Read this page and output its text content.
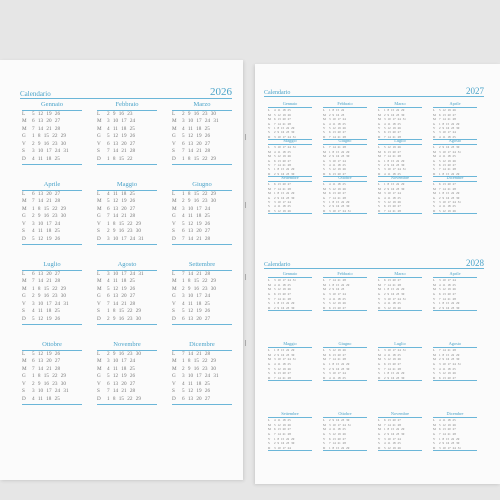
Calendario	2026	Calendario	2027
Calendario	2028
Gennaio
L 5 12 19 26
M 6 13 20 27
M 7 14 21 28
G 1 8 15 22 29
V 2 9 16 23 30
S 3 10 17 24 31
D 4 11 18 25
Febbraio
L 2 9 16 23
M 3 10 17 24
M 4 11 18 25
G 5 12 19 26
V 6 13 20 27
S 7 14 21 28
D 1 8 15 22
Marzo
L 2 9 16 23 30
M 3 10 17 24 31
M 4 11 18 25
G 5 12 19 26
V 6 13 20 27
S 7 14 21 28
D 1 8 15 22 29
Aprile
L 6 13 20 27
M 7 14 21 28
M 1 8 15 22 29
G 2 9 16 23 30
V 3 10 17 24
S 4 11 18 25
D 5 12 19 26
Maggio
L 4 11 18 25
M 5 12 19 26
M 6 13 20 27
G 7 14 21 28
V 1 8 15 22 29
S 2 9 16 23 30
D 3 10 17 24 31
Giugno
L 1 8 15 22 29
M 2 9 16 23 30
M 3 10 17 24
G 4 11 18 25
V 5 12 19 26
S 6 13 20 27
D 7 14 21 28
Luglio
L 6 13 20 27
M 7 14 21 28
M 1 8 15 22 29
G 2 9 16 23 30
V 3 10 17 24 31
S 4 11 18 25
D 5 12 19 26
Agosto
L 3 10 17 24 31
M 4 11 18 25
M 5 12 19 26
G 6 13 20 27
V 7 14 21 28
S 1 8 15 22 29
D 2 9 16 23 30
Settembre
L 7 14 21 28
M 1 8 15 22 29
M 2 9 16 23 30
G 3 10 17 24
V 4 11 18 25
S 5 12 19 26
D 6 13 20 27
Ottobre
L 5 12 19 26
M 6 13 20 27
M 7 14 21 28
G 1 8 15 22 29
V 2 9 16 23 30
S 3 10 17 24 31
D 4 11 18 25
Novembre
L 2 9 16 23 30
M 3 10 17 24
M 4 11 18 25
G 5 12 19 26
V 6 13 20 27
S 7 14 21 28
D 1 8 15 22 29
Dicembre
L 7 14 21 28
M 1 8 15 22 29
M 2 9 16 23 30
G 3 10 17 24 31
V 4 11 18 25
S 5 12 19 26
D 6 13 20 27
Gennaio
L 4 11 18 25
M 5 12 19 26
M 6 13 20 27
G 7 14 21 28
V 1 8 15 22 29
S 2 9 16 23 30
D 3 10 17 24 31
Febbraio
L 1 8 15 22
M 2 9 16 23
M 3 10 17 24
G 4 11 18 25
V 5 12 19 26
S 6 13 20 27
D 7 14 21 28
Marzo
L 1 8 15 22 29
M 2 9 16 23 30
M 3 10 17 24 31
G 4 11 18 25
V 5 12 19 26
S 6 13 20 27
D 7 14 21 28
Aprile
L 5 12 19 26
M 6 13 20 27
M 7 14 21 28
G 1 8 15 22 29
V 2 9 16 23 30
S 3 10 17 24
D 4 11 18 25
Maggio
L 3 10 17 24 31
M 4 11 18 25
M 5 12 19 26
G 6 13 20 27
V 7 14 21 28
S 1 8 15 22 29
D 2 9 16 23 30
Giugno
L 7 14 21 28
M 1 8 15 22 29
M 2 9 16 23 30
G 3 10 17 24
V 4 11 18 25
S 5 12 19 26
D 6 13 20 27
Luglio
L 5 12 19 26
M 6 13 20 27
M 7 14 21 28
G 1 8 15 22 29
V 2 9 16 23 30
S 3 10 17 24 31
D 4 11 18 25
Agosto
L 2 9 16 23 30
M 3 10 17 24 31
M 4 11 18 25
G 5 12 19 26
V 6 13 20 27
S 7 14 21 28
D 1 8 15 22 29
Settembre
L 6 13 20 27
M 7 14 21 28
M 1 8 15 22 29
G 2 9 16 23 30
V 3 10 17 24
S 4 11 18 25
D 5 12 19 26
Ottobre
L 4 11 18 25
M 5 12 19 26
M 6 13 20 27
G 7 14 21 28
V 1 8 15 22 29
S 2 9 16 23 30
D 3 10 17 24 31
Novembre
L 1 8 15 22 29
M 2 9 16 23 30
M 3 10 17 24
G 4 11 18 25
V 5 12 19 26
S 6 13 20 27
D 7 14 21 28
Dicembre
L 6 13 20 27
M 7 14 21 28
M 1 8 15 22 29
G 2 9 16 23 30
V 3 10 17 24 31
S 4 11 18 25
D 5 12 19 26
Gennaio
L 3 10 17 24 31
M 4 11 18 25
M 5 12 19 26
G 6 13 20 27
V 7 14 21 28
S 1 8 15 22 29
D 2 9 16 23 30
Febbraio
L 7 14 21 28
M 1 8 15 22 29
M 2 9 16 23
G 3 10 17 24
V 4 11 18 25
S 5 12 19 26
D 6 13 20 27
Marzo
L 6 13 20 27
M 7 14 21 28
M 1 8 15 22 29
G 2 9 16 23 30
V 3 10 17 24 31
S 4 11 18 25
D 5 12 19 26
Aprile
L 3 10 17 24
M 4 11 18 25
M 5 12 19 26
G 6 13 20 27
V 7 14 21 28
S 1 8 15 22 29
D 2 9 16 23 30
Maggio
L 1 8 15 22 29
M 2 9 16 23 30
M 3 10 17 24 31
G 4 11 18 25
V 5 12 19 26
S 6 13 20 27
D 7 14 21 28
Giugno
L 5 12 19 26
M 6 13 20 27
M 7 14 21 28
G 1 8 15 22 29
V 2 9 16 23 30
S 3 10 17 24
D 4 11 18 25
Luglio
L 3 10 17 24 31
M 4 11 18 25
M 5 12 19 26
G 6 13 20 27
V 7 14 21 28
S 1 8 15 22 29
D 2 9 16 23 30
Agosto
L 7 14 21 28
M 1 8 15 22 29
M 2 9 16 23 30
G 3 10 17 24 31
V 4 11 18 25
S 5 12 19 26
D 6 13 20 27
Settembre
L 4 11 18 25
M 5 12 19 26
M 6 13 20 27
G 7 14 21 28
V 1 8 15 22 29
S 2 9 16 23 30
D 3 10 17 24
Ottobre
L 2 9 16 23 30
M 3 10 17 24 31
M 4 11 18 25
G 5 12 19 26
V 6 13 20 27
S 7 14 21 28
D 1 8 15 22 29
Novembre
L 6 13 20 27
M 7 14 21 28
M 1 8 15 22 29
G 2 9 16 23 30
V 3 10 17 24
S 4 11 18 25
D 5 12 19 26
Dicembre
L 4 11 18 25
M 5 12 19 26
M 6 13 20 27
G 7 14 21 28
V 1 8 15 22 29
S 2 9 16 23 30
D 3 10 17 24 31
